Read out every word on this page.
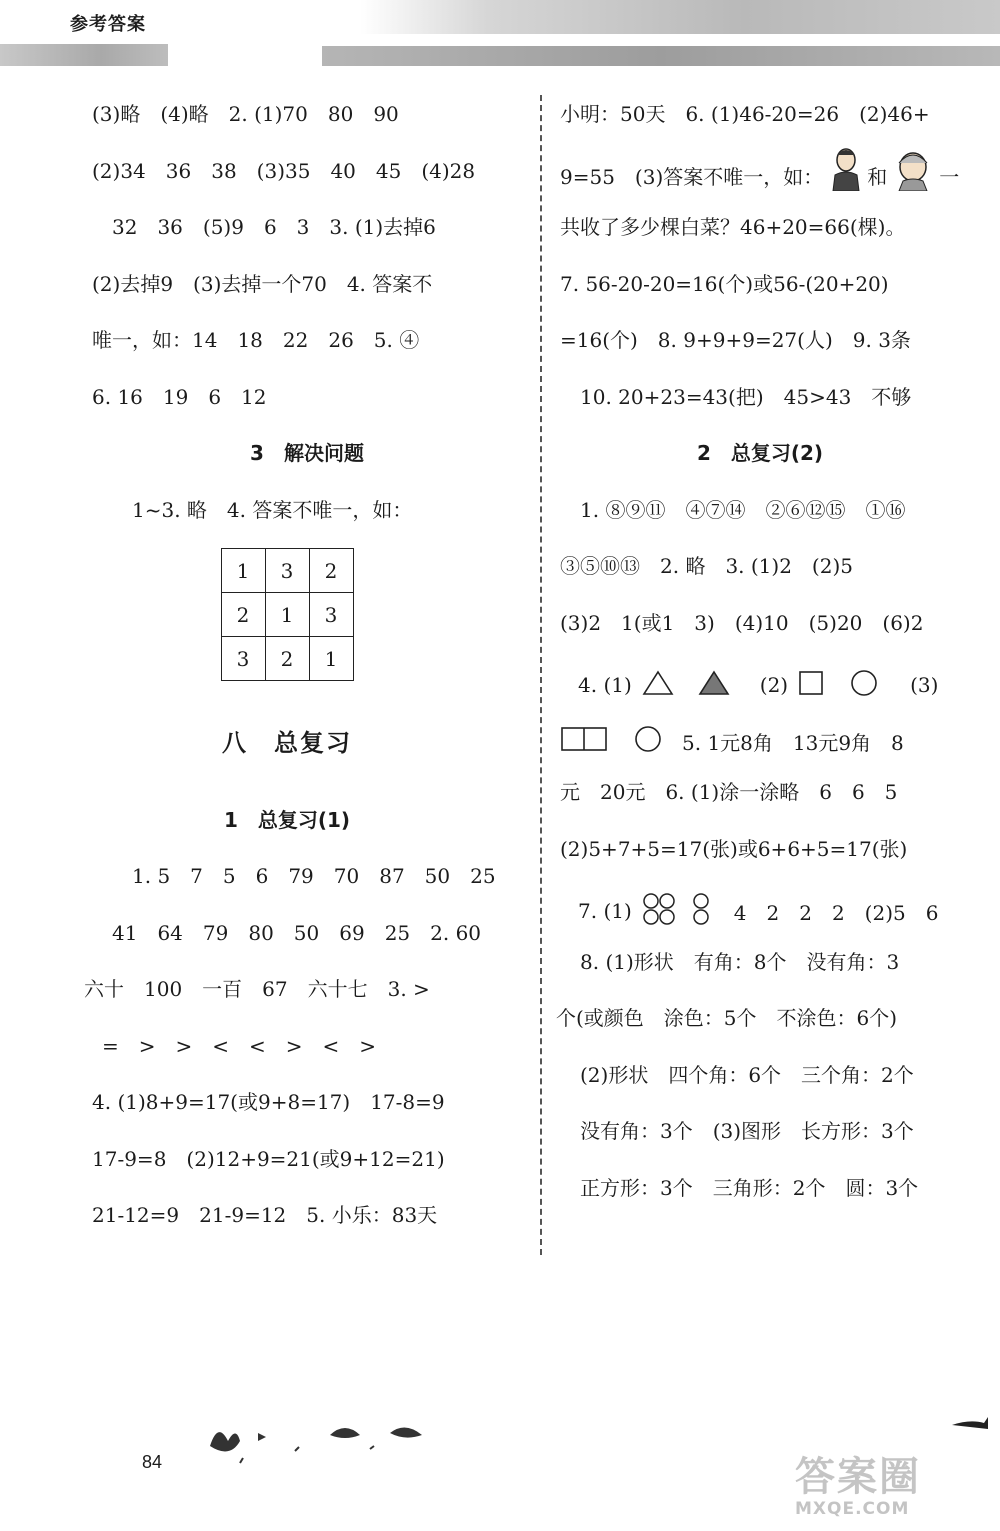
参考答案
(3)略　(4)略　2. (1)70　80　90
(2)34　36　38　(3)35　40　45　(4)28
　32　36　(5)9　6　3　3. (1)去掉6
(2)去掉9　(3)去掉一个70　4. 答案不
唯一，如：14　18　22　26　5. ④
6. 16　19　6　12
3　解决问题
1~3. 略　4. 答案不唯一，如：
1	3	2
2	1	3
3	2	1
八　总复习
1　总复习(1)
　　1. 5　7　5　6　79　70　87　50　25
　41　64　79　80　50　69　25　2. 60
六十　100　一百　67　六十七　3. >
=　>　>　<　<　>　<　>
4. (1)8+9=17(或9+8=17)　17-8=9
17-9=8　(2)12+9=21(或9+12=21)
21-12=9　21-9=12　5. 小乐：83天
小明：50天　6. (1)46-20=26　(2)46+
9=55　(3)答案不唯一，如： 和	一
共收了多少棵白菜？46+20=66(棵)。
7. 56-20-20=16(个)或56-(20+20)
=16(个)　8. 9+9+9=27(人)　9. 3条
　10. 20+23=43(把)　45>43　不够
2　总复习(2)
　1. ⑧⑨⑪　④⑦⑭　②⑥⑫⑮　①⑯
③⑤⑩⑬　2. 略　3. (1)2　(2)5
(3)2　1(或1　3)　(4)10　(5)20　(6)2
4. (1)	(2)	(3)
5. 1元8角　13元9角　8
元　20元　6. (1)涂一涂略　6　6　5
(2)5+7+5=17(张)或6+6+5=17(张)
7. (1)	4　2　2　2　(2)5　6
　8. (1)形状　有角：8个　没有角：3
个(或颜色　涂色：5个　不涂色：6个)
　(2)形状　四个角：6个　三个角：2个
　没有角：3个　(3)图形　长方形：3个
　正方形：3个　三角形：2个　圆：3个
84	答案圈
MXQE.COM
